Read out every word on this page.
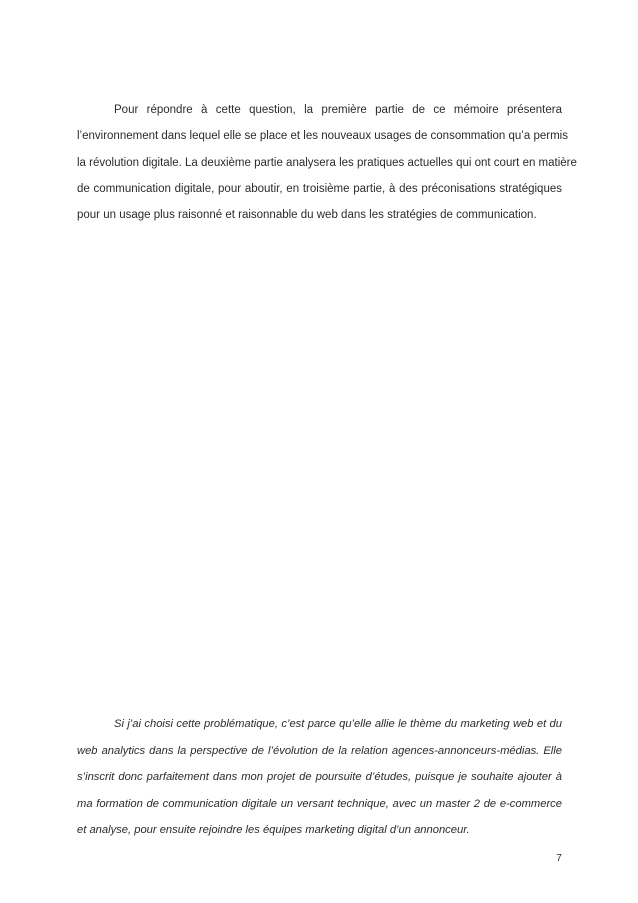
Pour répondre à cette question, la première partie de ce mémoire présentera
l’environnement dans lequel elle se place et les nouveaux usages de consommation qu’a permis
la révolution digitale. La deuxième partie analysera les pratiques actuelles qui ont court en matière
de communication digitale, pour aboutir, en troisième partie, à des préconisations stratégiques
pour un usage plus raisonné et raisonnable du web dans les stratégies de communication.
Si j’ai choisi cette problématique, c’est parce qu’elle allie le thème du marketing web et du
web analytics dans la perspective de l’évolution de la relation agences-annonceurs-médias. Elle
s’inscrit donc parfaitement dans mon projet de poursuite d’études, puisque je souhaite ajouter à
ma formation de communication digitale un versant technique, avec un master 2 de e-commerce
et analyse, pour ensuite rejoindre les équipes marketing digital d’un annonceur.
7
